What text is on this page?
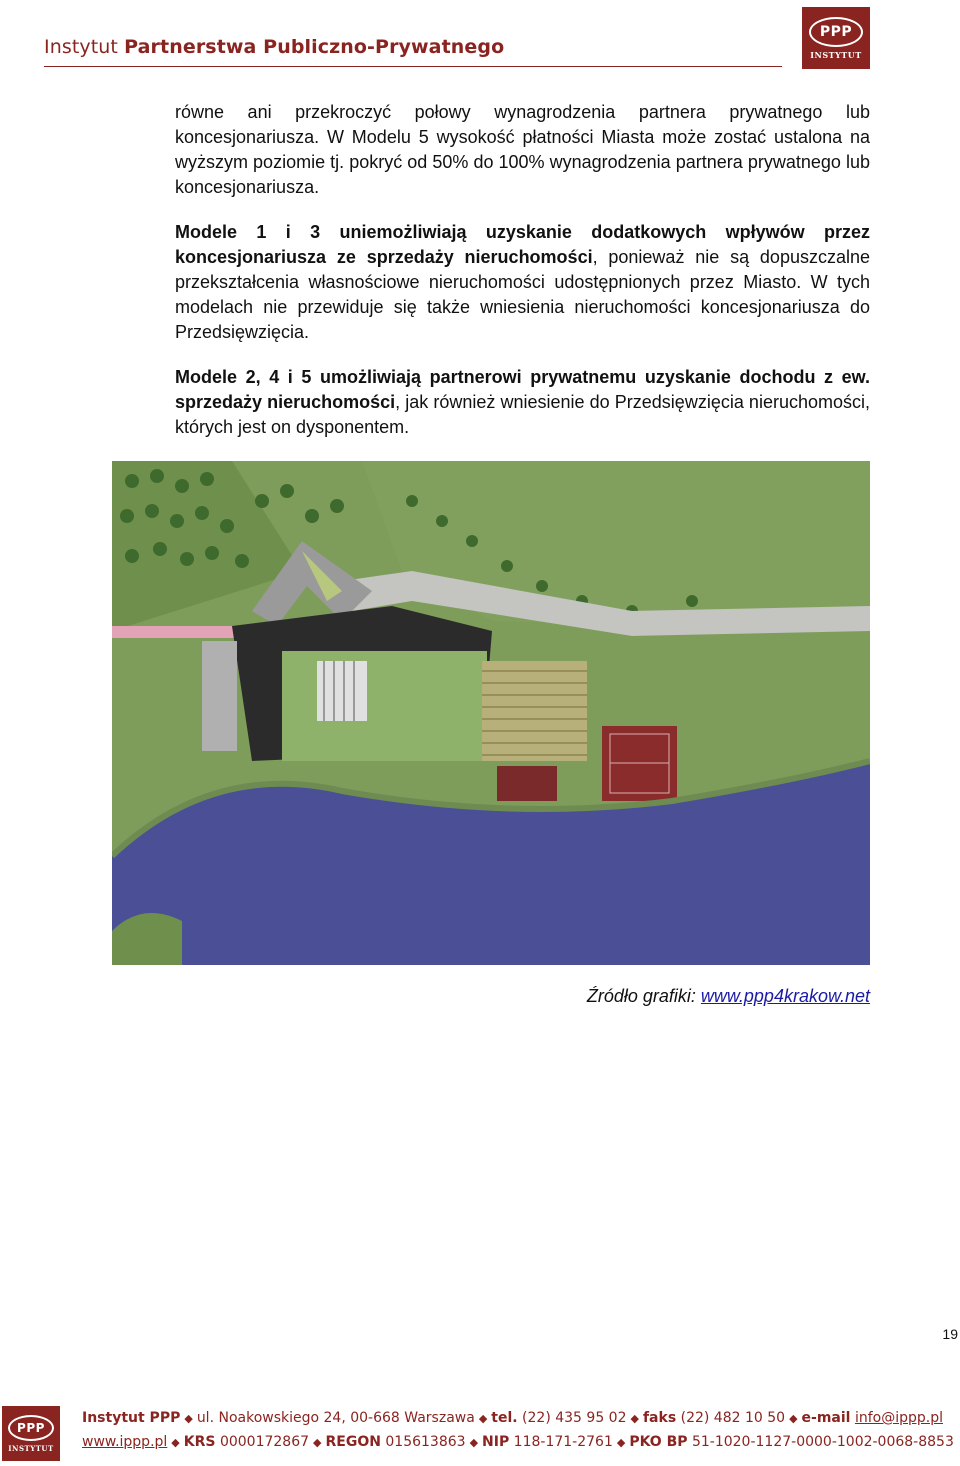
Instytut Partnerstwa Publiczno-Prywatnego
PPP
INSTYTUT
równe ani przekroczyć połowy wynagrodzenia partnera prywatnego lub koncesjonariusza. W Modelu 5 wysokość płatności Miasta może zostać ustalona na wyższym poziomie tj. pokryć od 50% do 100% wynagrodzenia partnera prywatnego lub koncesjonariusza.
Modele 1 i 3 uniemożliwiają uzyskanie dodatkowych wpływów przez koncesjonariusza ze sprzedaży nieruchomości, ponieważ nie są dopuszczalne przekształcenia własnościowe nieruchomości udostępnionych przez Miasto. W tych modelach nie przewiduje się także wniesienia nieruchomości koncesjonariusza do Przedsięwzięcia.
Modele 2, 4 i 5 umożliwiają partnerowi prywatnemu uzyskanie dochodu z ew. sprzedaży nieruchomości, jak również wniesienie do Przedsięwzięcia nieruchomości, których jest on dysponentem.
Źródło grafiki: www.ppp4krakow.net
19
PPP
INSTYTUT
Instytut PPP ◆ ul. Noakowskiego 24, 00-668 Warszawa ◆ tel. (22) 435 95 02 ◆ faks (22) 482 10 50 ◆ e-mail info@ippp.pl
www.ippp.pl ◆ KRS 0000172867 ◆ REGON 015613863 ◆ NIP 118-171-2761 ◆ PKO BP 51-1020-1127-0000-1002-0068-8853
